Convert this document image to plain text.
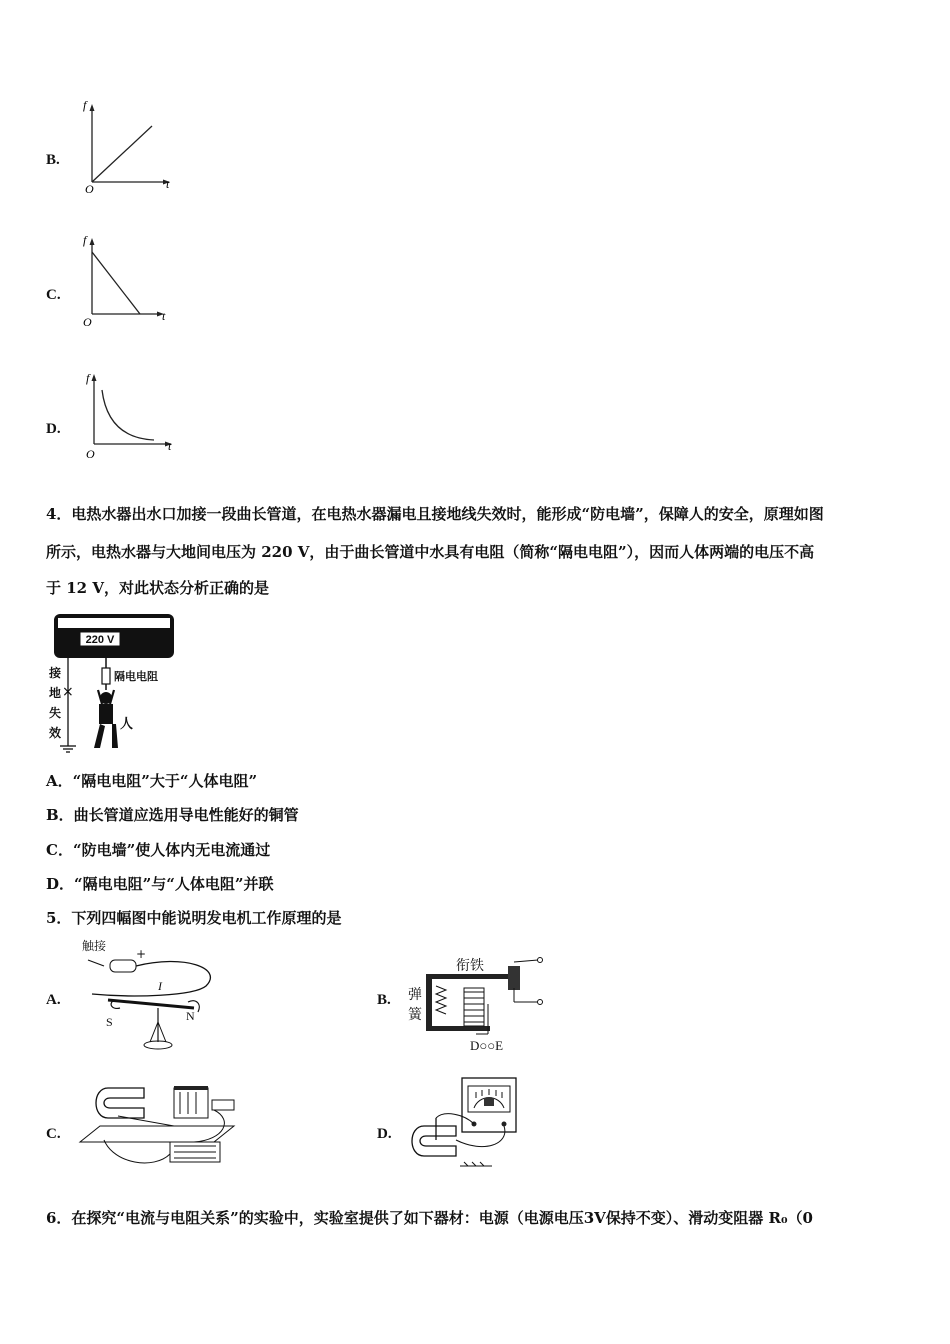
B.
f
O	t
C.
f
O	t
D.
f
O
t
4．电热水器出水口加接一段曲长管道，在电热水器漏电且接地线失效时，能形成“防电墙”，保障人的安全，原理如图
所示，电热水器与大地间电压为 220 V，由于曲长管道中水具有电阻（简称“隔电电阻”），因而人体两端的电压不高
于 12 V，对此状态分析正确的是
220 V
×
隔电电阻
人
接
地
失
效
A．“隔电电阻”大于“人体电阻”
B．曲长管道应选用导电性能好的铜管
C．“防电墙”使人体内无电流通过
D．“隔电电阻”与“人体电阻”并联
5．下列四幅图中能说明发电机工作原理的是
A.
触接
+
I
S	N
B.
衔铁
D○○E
弹
簧
C.	D.
6．在探究“电流与电阻关系”的实验中，实验室提供了如下器材：电源（电源电压3V保持不变）、滑动变阻器 R₀（0
